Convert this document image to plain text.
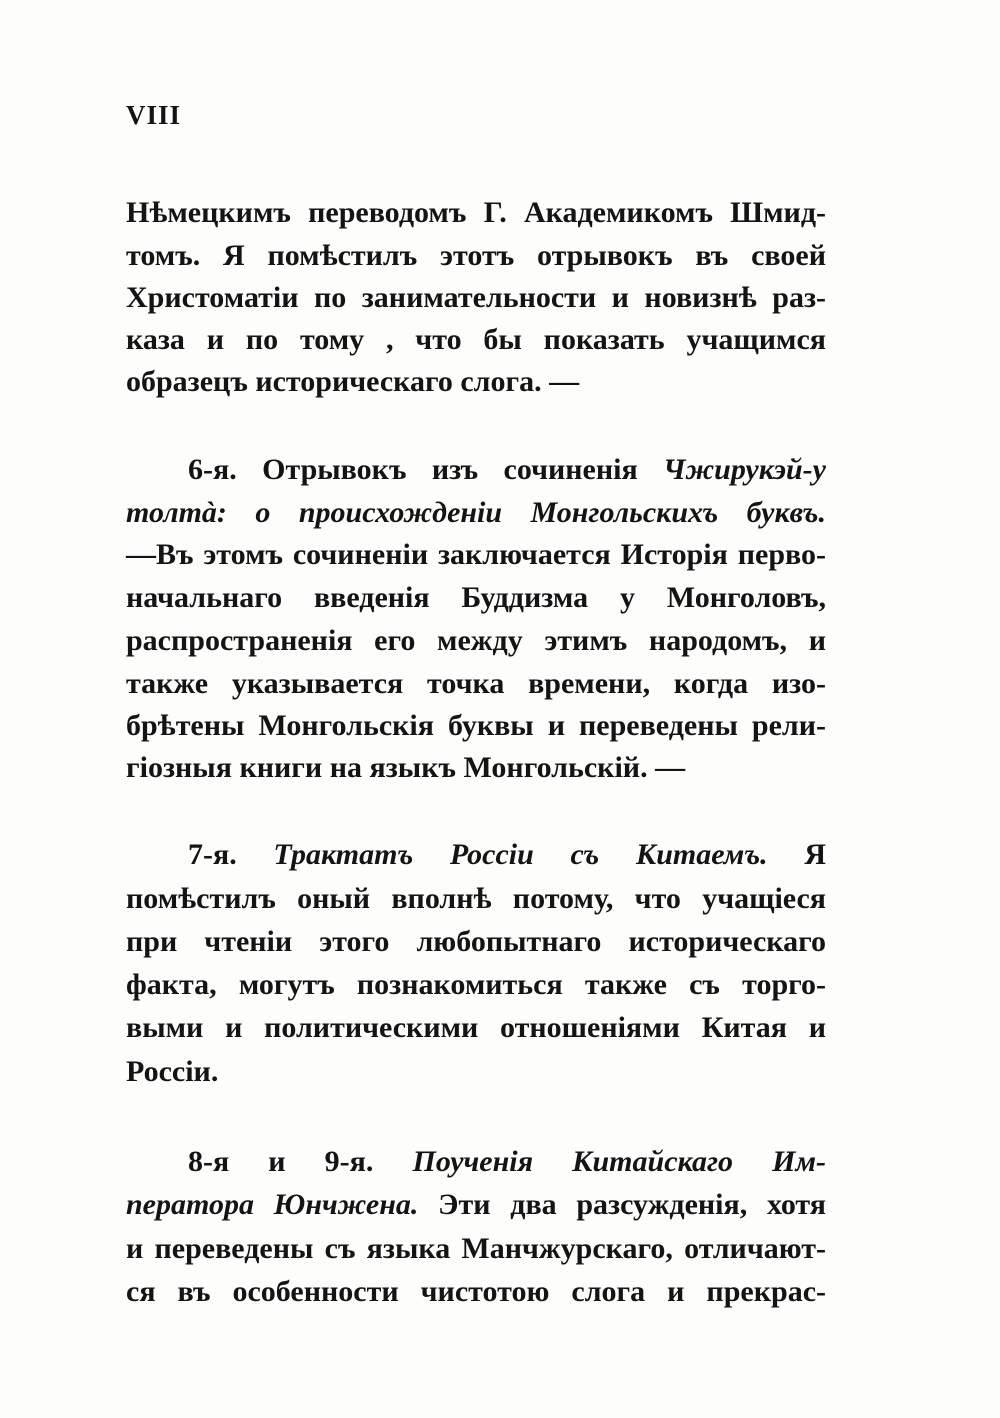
VIII
Нѣмецкимъ переводомъ Г. Академикомъ Шмид-
томъ. Я помѣстилъ этотъ отрывокъ въ своей
Христоматiи по занимательности и новизнѣ раз-
каза и по тому , что бы показать учащимся
образецъ историческаго слога. —
6-я. Отрывокъ изъ сочиненiя Чжирукэй-у
толтà: о происхожденiи Монгольскихъ буквъ.
—Въ этомъ сочиненiи заключается Исторiя перво-
начальнаго введенiя Буддизма у Монголовъ,
распространенiя его между этимъ народомъ, и
также указывается точка времени, когда изо-
брѣтены Монгольскiя буквы и переведены рели-
гiозныя книги на языкъ Монгольскiй. —
7-я. Трактатъ Россiи съ Китаемъ. Я
помѣстилъ оный вполнѣ потому, что учащiеся
при чтенiи этого любопытнаго историческаго
факта, могутъ познакомиться также съ торго-
выми и политическими отношенiями Китая и
Россiи.
8-я и 9-я. Поученiя Китайскаго Им-
ператора Юнчжена. Эти два разсужденiя, хотя
и переведены съ языка Манчжурскаго, отличают-
ся въ особенности чистотою слога и прекрас-
